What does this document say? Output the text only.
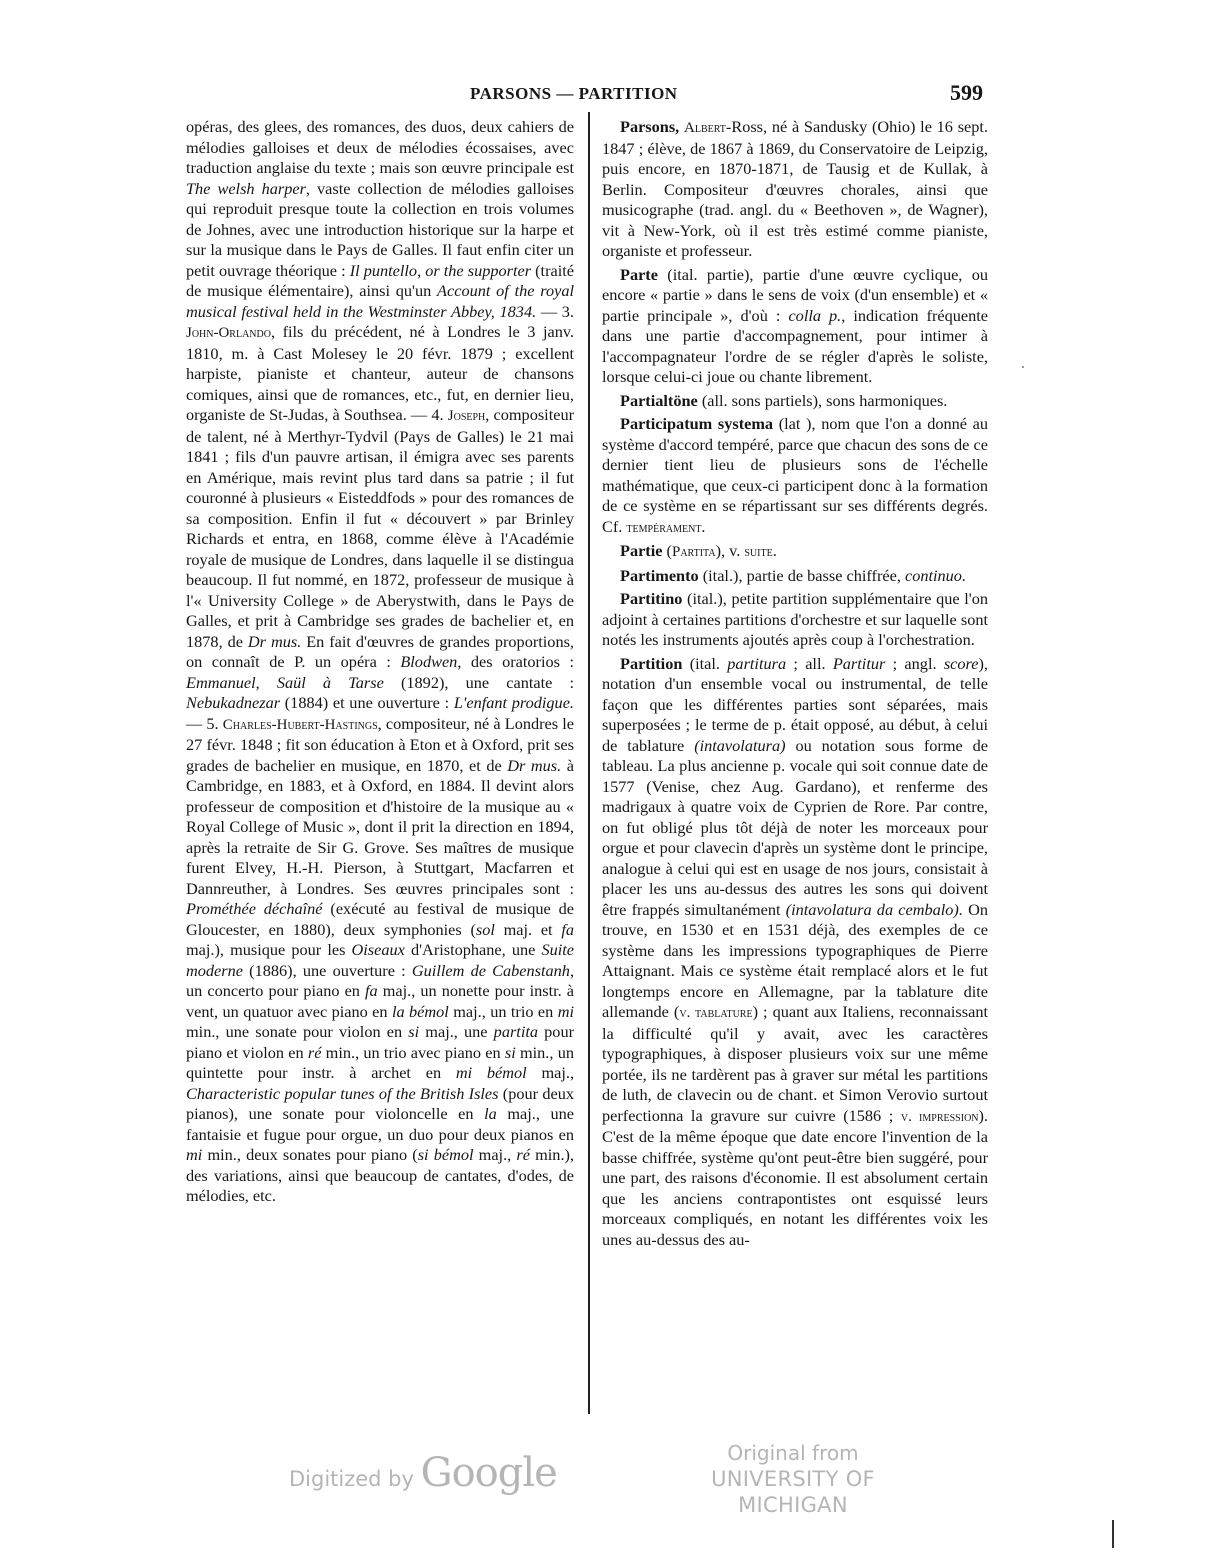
PARSONS — PARTITION	599

opéras, des glees, des romances, des duos, deux cahiers de mélodies galloises et deux de mélodies écossaises, avec traduction anglaise du texte ; mais son œuvre principale est The welsh harper, vaste collection de mélodies galloises qui reproduit presque toute la collection en trois volumes de Johnes, avec une introduction historique sur la harpe et sur la musique dans le Pays de Galles. Il faut enfin citer un petit ouvrage théorique : Il puntello, or the supporter (traité de musique élémentaire), ainsi qu'un Account of the royal musical festival held in the Westminster Abbey, 1834. — 3. John-Orlando, fils du précédent, né à Londres le 3 janv. 1810, m. à Cast Molesey le 20 févr. 1879 ; excellent harpiste, pianiste et chanteur, auteur de chansons comiques, ainsi que de romances, etc., fut, en dernier lieu, organiste de St-Judas, à Southsea. — 4. Joseph, compositeur de talent, né à Merthyr-Tydvil (Pays de Galles) le 21 mai 1841 ; fils d'un pauvre artisan, il émigra avec ses parents en Amérique, mais revint plus tard dans sa patrie ; il fut couronné à plusieurs « Eisteddfods » pour des romances de sa composition. Enfin il fut « découvert » par Brinley Richards et entra, en 1868, comme élève à l'Académie royale de musique de Londres, dans laquelle il se distingua beaucoup. Il fut nommé, en 1872, professeur de musique à l'« University College » de Aberystwith, dans le Pays de Galles, et prit à Cambridge ses grades de bachelier et, en 1878, de Dr mus. En fait d'œuvres de grandes proportions, on connaît de P. un opéra : Blodwen, des oratorios : Emmanuel, Saül à Tarse (1892), une cantate : Nebukadnezar (1884) et une ouverture : L'enfant prodigue. — 5. Charles-Hubert-Hastings, compositeur, né à Londres le 27 févr. 1848 ; fit son éducation à Eton et à Oxford, prit ses grades de bachelier en musique, en 1870, et de Dr mus. à Cambridge, en 1883, et à Oxford, en 1884. Il devint alors professeur de composition et d'histoire de la musique au « Royal College of Music », dont il prit la direction en 1894, après la retraite de Sir G. Grove. Ses maîtres de musique furent Elvey, H.-H. Pierson, à Stuttgart, Macfarren et Dannreuther, à Londres. Ses œuvres principales sont : Prométhée déchaîné (exécuté au festival de musique de Gloucester, en 1880), deux symphonies (sol maj. et fa maj.), musique pour les Oiseaux d'Aristophane, une Suite moderne (1886), une ouverture : Guillem de Cabenstanh, un concerto pour piano en fa maj., un nonette pour instr. à vent, un quatuor avec piano en la bémol maj., un trio en mi min., une sonate pour violon en si maj., une partita pour piano et violon en ré min., un trio avec piano en si min., un quintette pour instr. à archet en mi bémol maj., Characteristic popular tunes of the British Isles (pour deux pianos), une sonate pour violoncelle en la maj., une fantaisie et fugue pour orgue, un duo pour deux pianos en mi min., deux sonates pour piano (si bémol maj., ré min.), des variations, ainsi que beaucoup de cantates, d'odes, de mélodies, etc.

Parsons, Albert-Ross, né à Sandusky (Ohio) le 16 sept. 1847 ; élève, de 1867 à 1869, du Conservatoire de Leipzig, puis encore, en 1870-1871, de Tausig et de Kullak, à Berlin. Compositeur d'œuvres chorales, ainsi que musicographe (trad. angl. du « Beethoven », de Wagner), vit à New-York, où il est très estimé comme pianiste, organiste et professeur.

Parte (ital. partie), partie d'une œuvre cyclique, ou encore « partie » dans le sens de voix (d'un ensemble) et « partie principale », d'où : colla p., indication fréquente dans une partie d'accompagnement, pour intimer à l'accompagnateur l'ordre de se régler d'après le soliste, lorsque celui-ci joue ou chante librement.

Partialtöne (all. sons partiels), sons harmoniques.

Participatum systema (lat ), nom que l'on a donné au système d'accord tempéré, parce que chacun des sons de ce dernier tient lieu de plusieurs sons de l'échelle mathématique, que ceux-ci participent donc à la formation de ce système en se répartissant sur ses différents degrés. Cf. tempérament.

Partie (Partita), v. suite.

Partimento (ital.), partie de basse chiffrée, continuo.

Partitino (ital.), petite partition supplémentaire que l'on adjoint à certaines partitions d'orchestre et sur laquelle sont notés les instruments ajoutés après coup à l'orchestration.

Partition (ital. partitura ; all. Partitur ; angl. score), notation d'un ensemble vocal ou instrumental, de telle façon que les différentes parties sont séparées, mais superposées ; le terme de p. était opposé, au début, à celui de tablature (intavolatura) ou notation sous forme de tableau. La plus ancienne p. vocale qui soit connue date de 1577 (Venise, chez Aug. Gardano), et renferme des madrigaux à quatre voix de Cyprien de Rore. Par contre, on fut obligé plus tôt déjà de noter les morceaux pour orgue et pour clavecin d'après un système dont le principe, analogue à celui qui est en usage de nos jours, consistait à placer les uns au-dessus des autres les sons qui doivent être frappés simultanément (intavolatura da cembalo). On trouve, en 1530 et en 1531 déjà, des exemples de ce système dans les impressions typographiques de Pierre Attaignant. Mais ce système était remplacé alors et le fut longtemps encore en Allemagne, par la tablature dite allemande (v. tablature) ; quant aux Italiens, reconnaissant la difficulté qu'il y avait, avec les caractères typographiques, à disposer plusieurs voix sur une même portée, ils ne tardèrent pas à graver sur métal les partitions de luth, de clavecin ou de chant. et Simon Verovio surtout perfectionna la gravure sur cuivre (1586 ; v. impression). C'est de la même époque que date encore l'invention de la basse chiffrée, système qu'ont peut-être bien suggéré, pour une part, des raisons d'économie. Il est absolument certain que les anciens contrapontistes ont esquissé leurs morceaux compliqués, en notant les différentes voix les unes au-dessus des au-

Digitized by Google	Original from
UNIVERSITY OF MICHIGAN
